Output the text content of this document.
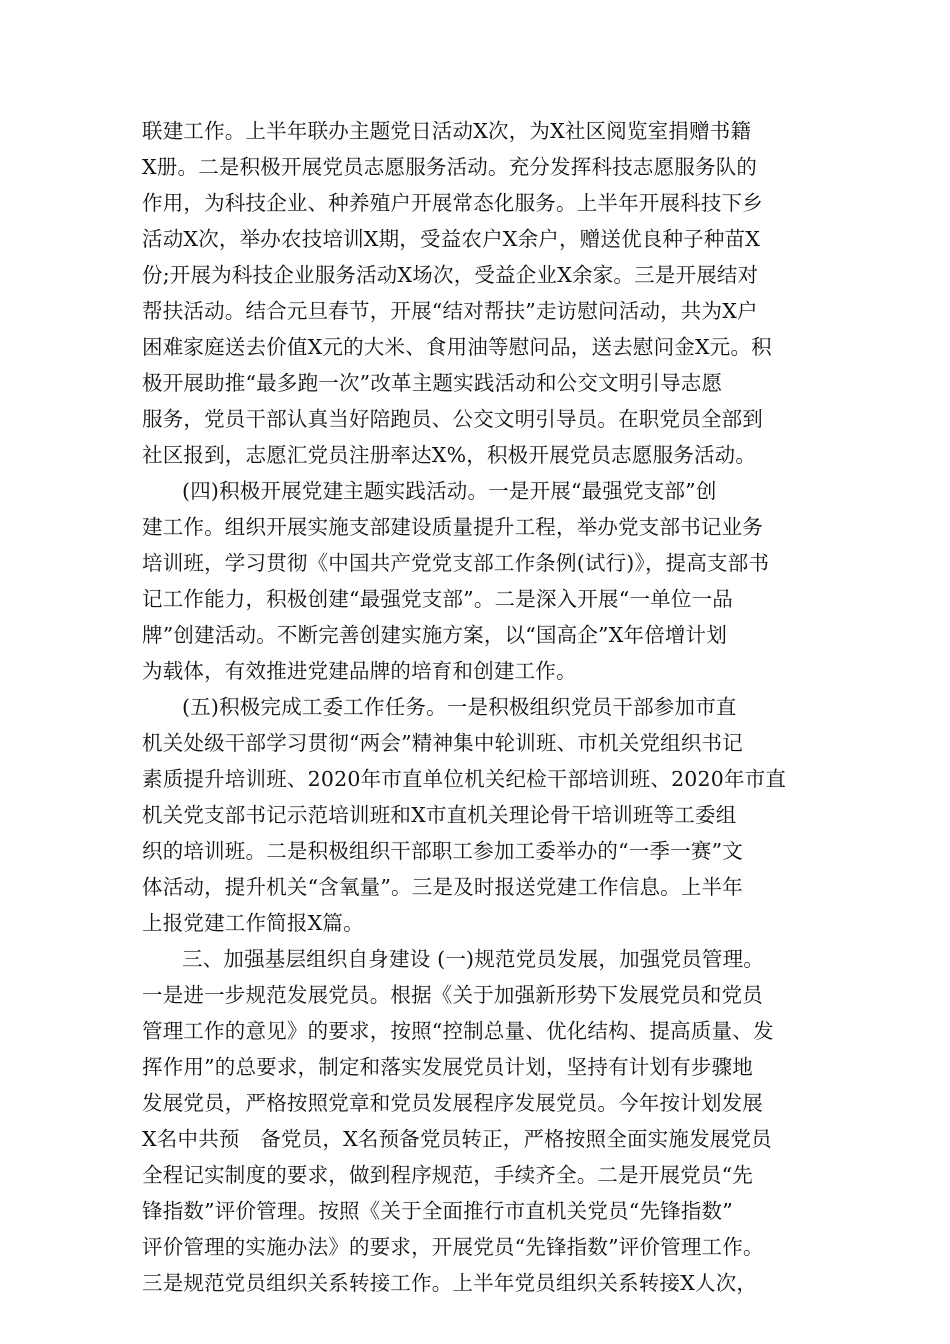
联建工作。上半年联办主题党日活动X次，为X社区阅览室捐赠书籍
X册。二是积极开展党员志愿服务活动。充分发挥科技志愿服务队的
作用，为科技企业、种养殖户开展常态化服务。上半年开展科技下乡
活动X次，举办农技培训X期，受益农户X余户，赠送优良种子种苗X
份;开展为科技企业服务活动X场次，受益企业X余家。三是开展结对
帮扶活动。结合元旦春节，开展“结对帮扶”走访慰问活动，共为X户
困难家庭送去价值X元的大米、食用油等慰问品，送去慰问金X元。积
极开展助推“最多跑一次”改革主题实践活动和公交文明引导志愿
服务，党员干部认真当好陪跑员、公交文明引导员。在职党员全部到
社区报到，志愿汇党员注册率达X%，积极开展党员志愿服务活动。
(四)积极开展党建主题实践活动。一是开展“最强党支部”创
建工作。组织开展实施支部建设质量提升工程，举办党支部书记业务
培训班，学习贯彻《中国共产党党支部工作条例(试行)》，提高支部书
记工作能力，积极创建“最强党支部”。二是深入开展“一单位一品
牌”创建活动。不断完善创建实施方案，以“国高企”X年倍增计划
为载体，有效推进党建品牌的培育和创建工作。
(五)积极完成工委工作任务。一是积极组织党员干部参加市直
机关处级干部学习贯彻“两会”精神集中轮训班、市机关党组织书记
素质提升培训班、2020年市直单位机关纪检干部培训班、2020年市直
机关党支部书记示范培训班和X市直机关理论骨干培训班等工委组
织的培训班。二是积极组织干部职工参加工委举办的“一季一赛”文
体活动，提升机关“含氧量”。三是及时报送党建工作信息。上半年
上报党建工作简报X篇。
三、加强基层组织自身建设 (一)规范党员发展，加强党员管理。
一是进一步规范发展党员。根据《关于加强新形势下发展党员和党员
管理工作的意见》的要求，按照“控制总量、优化结构、提高质量、发
挥作用”的总要求，制定和落实发展党员计划，坚持有计划有步骤地
发展党员，严格按照党章和党员发展程序发展党员。今年按计划发展
X名中共预　备党员，X名预备党员转正，严格按照全面实施发展党员
全程记实制度的要求，做到程序规范，手续齐全。二是开展党员“先
锋指数”评价管理。按照《关于全面推行市直机关党员“先锋指数”
评价管理的实施办法》的要求，开展党员“先锋指数”评价管理工作。
三是规范党员组织关系转接工作。上半年党员组织关系转接X人次，
